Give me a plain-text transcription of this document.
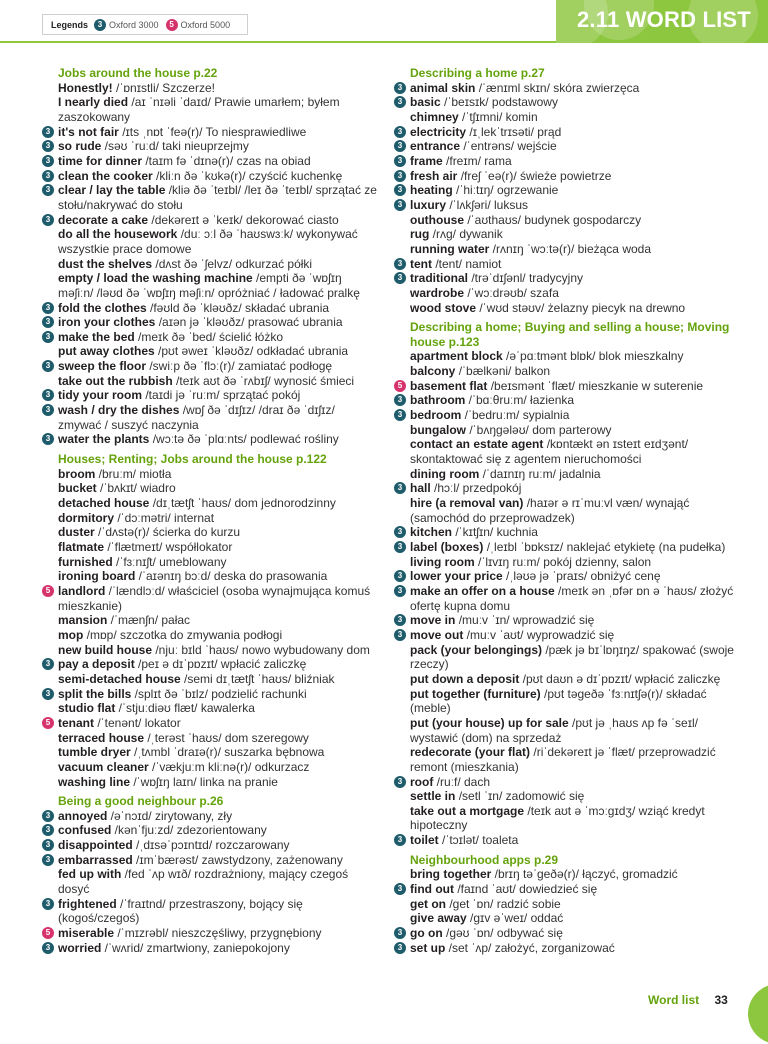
Legends	3 Oxford 3000	5 Oxford 5000	2.11 WORD LIST
Jobs around the house p.22
Honestly! /ˈɒnɪstli/ Szczerze!
I nearly died /aɪ ˈnɪəli ˈdaɪd/ Prawie umarłem; byłem zaszokowany
3 it's not fair /ɪts ˌnɒt ˈfeə(r)/ To niesprawiedliwe
3 so rude /səʊ ˈruːd/ taki nieuprzejmy
3 time for dinner /taɪm fə ˈdɪnə(r)/ czas na obiad
3 clean the cooker /kliːn ðə ˈkʊkə(r)/ czyścić kuchenkę
3 clear / lay the table /kliə ðə ˈteɪbl/ /leɪ ðə ˈteɪbl/ sprzątać ze stołu/nakrywać do stołu
3 decorate a cake /dekəreɪt ə ˈkeɪk/ dekorować ciasto
do all the housework /duː ɔːl ðə ˈhaʊswɜːk/ wykonywać wszystkie prace domowe
dust the shelves /dʌst ðə ˈʃelvz/ odkurzać półki
empty / load the washing machine /empti ðə ˈwɒʃɪŋ məʃiːn/ /ləʊd ðə ˈwɒʃɪŋ məʃiːn/ opróżniać / ładować pralkę
3 fold the clothes /fəʊld ðə ˈkləʊðz/ składać ubrania
3 iron your clothes /aɪən jə ˈkləʊðz/ prasować ubrania
3 make the bed /meɪk ðə ˈbed/ ścielić łóżko
put away clothes /pʊt əweɪ ˈkləʊðz/ odkładać ubrania
3 sweep the floor /swiːp ðə ˈflɔː(r)/ zamiatać podłogę
take out the rubbish /teɪk aʊt ðə ˈrʌbɪʃ/ wynosić śmieci
3 tidy your room /taɪdi jə ˈruːm/ sprzątać pokój
3 wash / dry the dishes /wɒʃ ðə ˈdɪʃɪz/ /draɪ ðə ˈdɪʃɪz/ zmywać / suszyć naczynia
3 water the plants /wɔːtə ðə ˈplɑːnts/ podlewać rośliny
Houses; Renting; Jobs around the house p.122
broom /bruːm/ miotła
bucket /ˈbʌkɪt/ wiadro
detached house /dɪˌtætʃt ˈhaʊs/ dom jednorodzinny
dormitory /ˈdɔːmətri/ internat
duster /ˈdʌstə(r)/ ścierka do kurzu
flatmate /ˈflætmeɪt/ współlokator
furnished /ˈfɜːnɪʃt/ umeblowany
ironing board /ˈaɪənɪŋ bɔːd/ deska do prasowania
5 landlord /ˈlændlɔːd/ właściciel (osoba wynajmująca komuś mieszkanie)
mansion /ˈmænʃn/ pałac
mop /mɒp/ szczotka do zmywania podłogi
new build house /njuː bɪld ˈhaʊs/ nowo wybudowany dom
3 pay a deposit /peɪ ə dɪˈpɒzɪt/ wpłacić zaliczkę
semi-detached house /semi dɪˌtætʃt ˈhaʊs/ bliźniak
3 split the bills /splɪt ðə ˈbɪlz/ podzielić rachunki
studio flat /ˈstjuːdiəʊ flæt/ kawalerka
5 tenant /ˈtenənt/ lokator
terraced house /ˌterəst ˈhaʊs/ dom szeregowy
tumble dryer /ˌtʌmbl ˈdraɪə(r)/ suszarka bębnowa
vacuum cleaner /ˈvækjuːm kliːnə(r)/ odkurzacz
washing line /ˈwɒʃɪŋ laɪn/ linka na pranie
Being a good neighbour p.26
3 annoyed /əˈnɔɪd/ zirytowany, zły
3 confused /kənˈfjuːzd/ zdezorientowany
3 disappointed /ˌdɪsəˈpɔɪntɪd/ rozczarowany
3 embarrassed /ɪmˈbærəst/ zawstydzony, zażenowany
fed up with /fed ˈʌp wɪð/ rozdrażniony, mający czegoś dosyć
3 frightened /ˈfraɪtnd/ przestraszony, bojący się (kogoś/czegoś)
5 miserable /ˈmɪzrəbl/ nieszczęśliwy, przygnębiony
3 worried /ˈwʌrid/ zmartwiony, zaniepokojony
Describing a home p.27
3 animal skin /ˈænɪml skɪn/ skóra zwierzęca
3 basic /ˈbeɪsɪk/ podstawowy
chimney /ˈtʃɪmni/ komin
3 electricity /ɪˌlekˈtrɪsəti/ prąd
3 entrance /ˈentrəns/ wejście
3 frame /freɪm/ rama
3 fresh air /freʃ ˈeə(r)/ świeże powietrze
3 heating /ˈhiːtɪŋ/ ogrzewanie
3 luxury /ˈlʌkʃəri/ luksus
outhouse /ˈaʊthaʊs/ budynek gospodarczy
rug /rʌɡ/ dywanik
running water /rʌnɪŋ ˈwɔːtə(r)/ bieżąca woda
3 tent /tent/ namiot
3 traditional /trəˈdɪʃənl/ tradycyjny
wardrobe /ˈwɔːdrəʊb/ szafa
wood stove /ˈwʊd stəʊv/ żelazny piecyk na drewno
Describing a home; Buying and selling a house; Moving house p.123
apartment block /əˈpɑːtmənt blɒk/ blok mieszkalny
balcony /ˈbælkəni/ balkon
5 basement flat /beɪsmənt ˈflæt/ mieszkanie w suterenie
3 bathroom /ˈbɑːθruːm/ łazienka
3 bedroom /ˈbedruːm/ sypialnia
bungalow /ˈbʌŋɡələʊ/ dom parterowy
contact an estate agent /kɒntækt ən ɪsteɪt eɪdʒənt/ skontaktować się z agentem nieruchomości
dining room /ˈdaɪnɪŋ ruːm/ jadalnia
3 hall /hɔːl/ przedpokój
hire (a removal van) /haɪər ə rɪˈmuːvl væn/ wynająć (samochód do przeprowadzek)
3 kitchen /ˈkɪtʃɪn/ kuchnia
3 label (boxes) /ˌleɪbl ˈbɒksɪz/ naklejać etykietę (na pudełka)
living room /ˈlɪvɪŋ ruːm/ pokój dzienny, salon
3 lower your price /ˌləʊə jə ˈpraɪs/ obniżyć cenę
3 make an offer on a house /meɪk ən ˌɒfər ɒn ə ˈhaʊs/ złożyć ofertę kupna domu
3 move in /muːv ˈɪn/ wprowadzić się
3 move out /muːv ˈaʊt/ wyprowadzić się
pack (your belongings) /pæk jə bɪˈlɒŋɪŋz/ spakować (swoje rzeczy)
put down a deposit /pʊt daʊn ə dɪˈpɒzɪt/ wpłacić zaliczkę
put together (furniture) /pʊt təɡeðə ˈfɜːnɪtʃə(r)/ składać (meble)
put (your house) up for sale /pʊt jə ˌhaʊs ʌp fə ˈseɪl/ wystawić (dom) na sprzedaż
redecorate (your flat) /riˈdekəreɪt jə ˈflæt/ przeprowadzić remont (mieszkania)
3 roof /ruːf/ dach
settle in /setl ˈɪn/ zadomowić się
take out a mortgage /teɪk aʊt ə ˈmɔːɡɪdʒ/ wziąć kredyt hipoteczny
3 toilet /ˈtɔɪlət/ toaleta
Neighbourhood apps p.29
bring together /brɪŋ təˈɡeðə(r)/ łączyć, gromadzić
3 find out /faɪnd ˈaʊt/ dowiedzieć się
get on /ɡet ˈɒn/ radzić sobie
give away /ɡɪv əˈweɪ/ oddać
3 go on /ɡəʊ ˈɒn/ odbywać się
3 set up /set ˈʌp/ założyć, zorganizować
Word list 33
